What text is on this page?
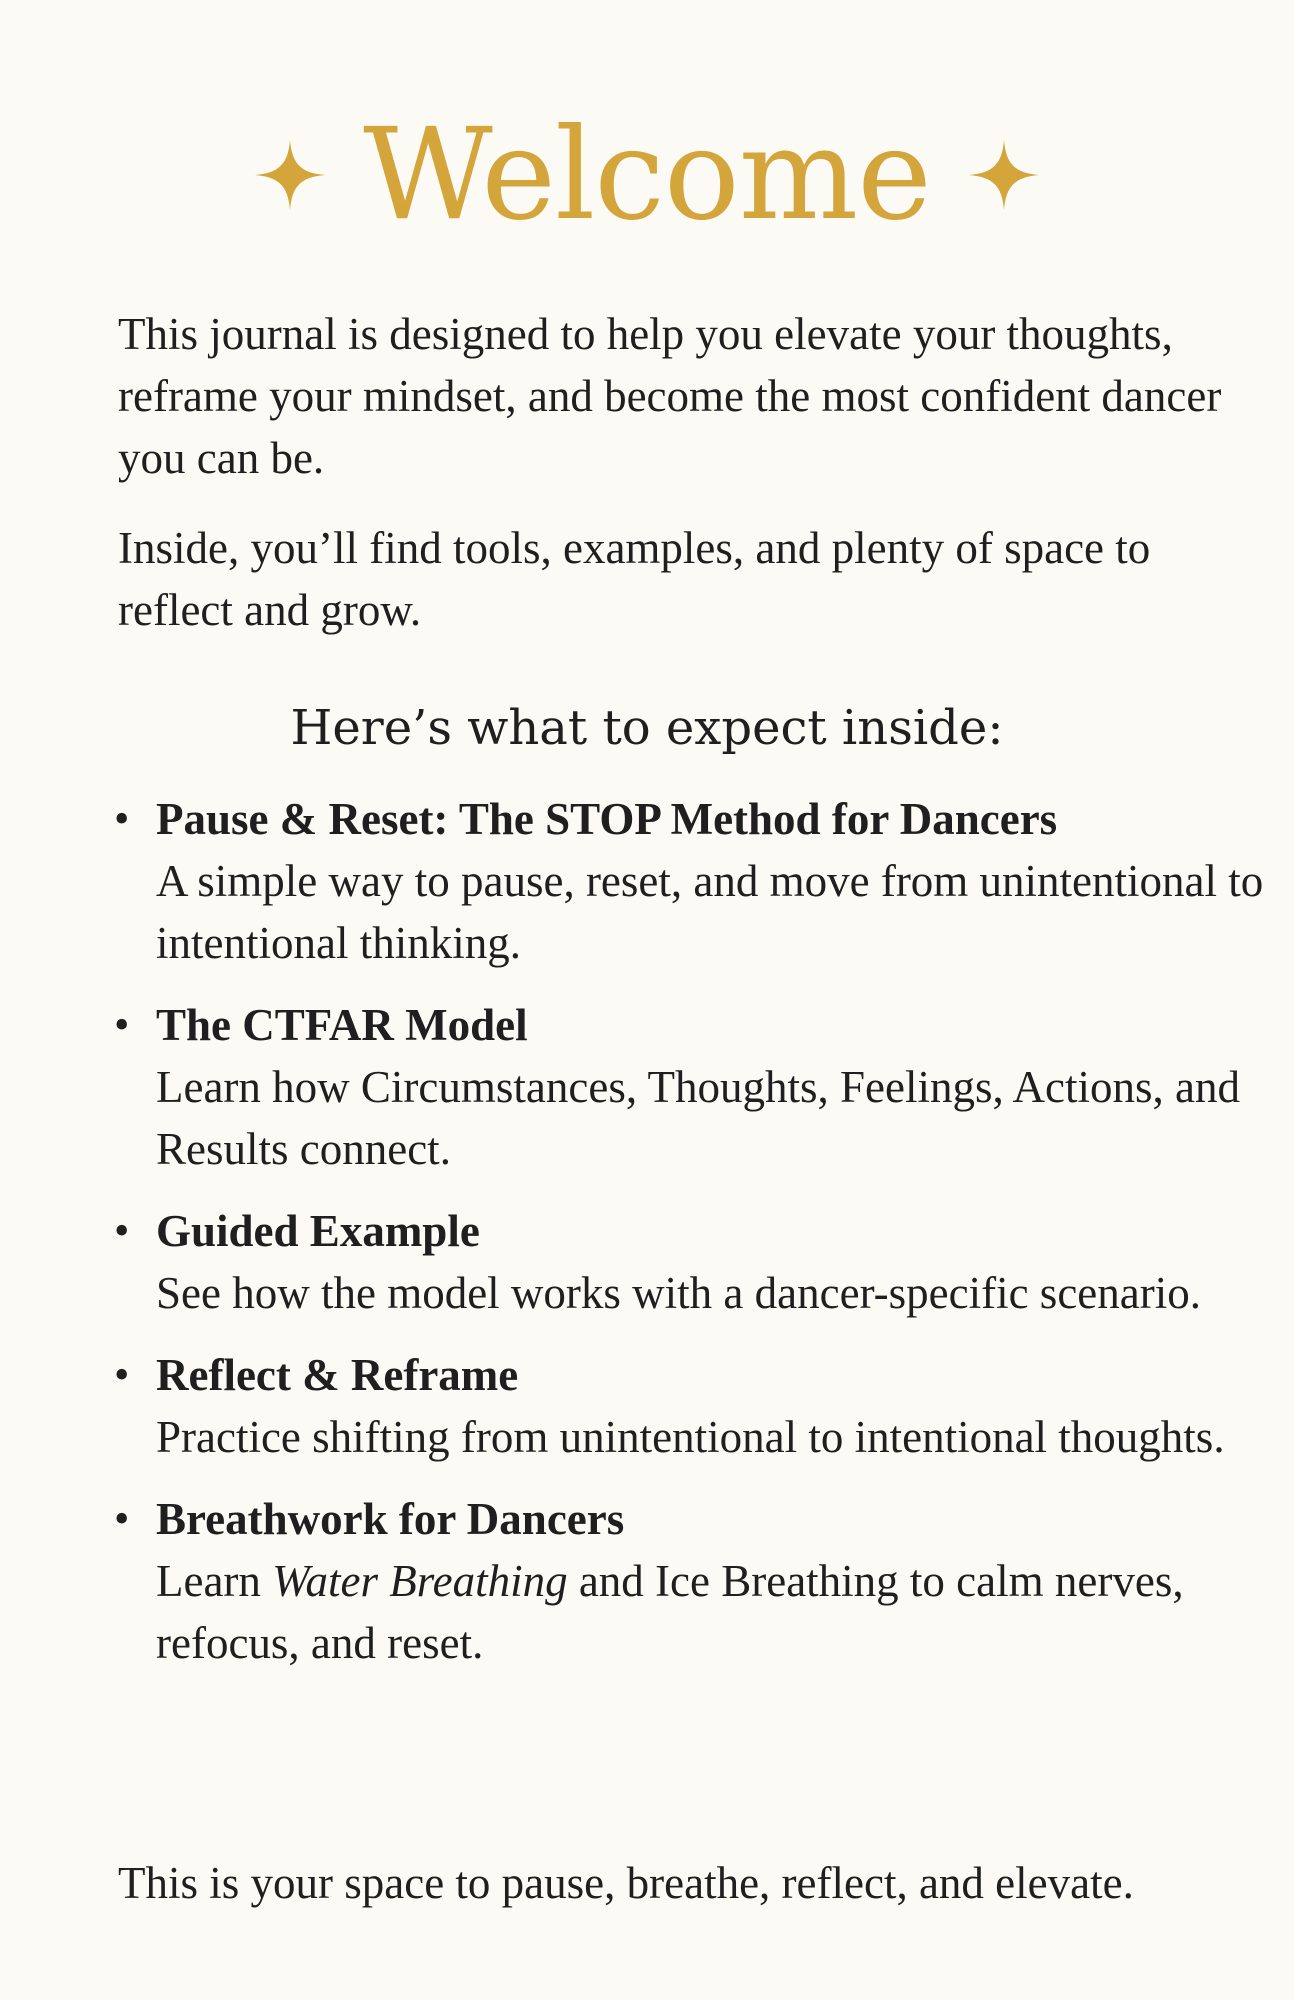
Welcome

This journal is designed to help you elevate your thoughts, reframe your mindset, and become the most confident dancer you can be.

Inside, you’ll find tools, examples, and plenty of space to reflect and grow.

Here’s what to expect inside:
• Pause & Reset: The STOP Method for Dancers
A simple way to pause, reset, and move from unintentional to intentional thinking.
• The CTFAR Model
Learn how Circumstances, Thoughts, Feelings, Actions, and Results connect.
• Guided Example
See how the model works with a dancer-specific scenario.
• Reflect & Reframe
Practice shifting from unintentional to intentional thoughts.
• Breathwork for Dancers
Learn Water Breathing and Ice Breathing to calm nerves, refocus, and reset.

This is your space to pause, breathe, reflect, and elevate.
